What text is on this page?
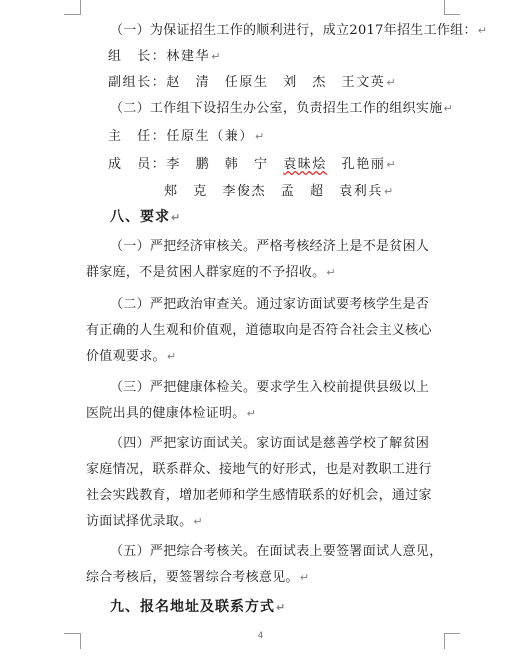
（一）为保证招生工作的顺利进行，成立2017年招生工作组：↵
组　长：林建华↵
副组长：赵　清　任原生　刘　杰　王文英↵
（二）工作组下设招生办公室，负责招生工作的组织实施↵
主　任：任原生（兼）↵
成　员：李　鹏　韩　宁　袁昧烩　孔艳丽↵
郏　克　李俊杰　孟　超　袁利兵↵
八、要求↵
（一）严把经济审核关。严格考核经济上是不是贫困人
群家庭，不是贫困人群家庭的不予招收。↵
（二）严把政治审查关。通过家访面试要考核学生是否
有正确的人生观和价值观，道德取向是否符合社会主义核心
价值观要求。↵
（三）严把健康体检关。要求学生入校前提供县级以上
医院出具的健康体检证明。↵
（四）严把家访面试关。家访面试是慈善学校了解贫困
家庭情况，联系群众、接地气的好形式，也是对教职工进行
社会实践教育，增加老师和学生感情联系的好机会，通过家
访面试择优录取。↵
（五）严把综合考核关。在面试表上要签署面试人意见，
综合考核后，要签署综合考核意见。↵
九、报名地址及联系方式↵
4
